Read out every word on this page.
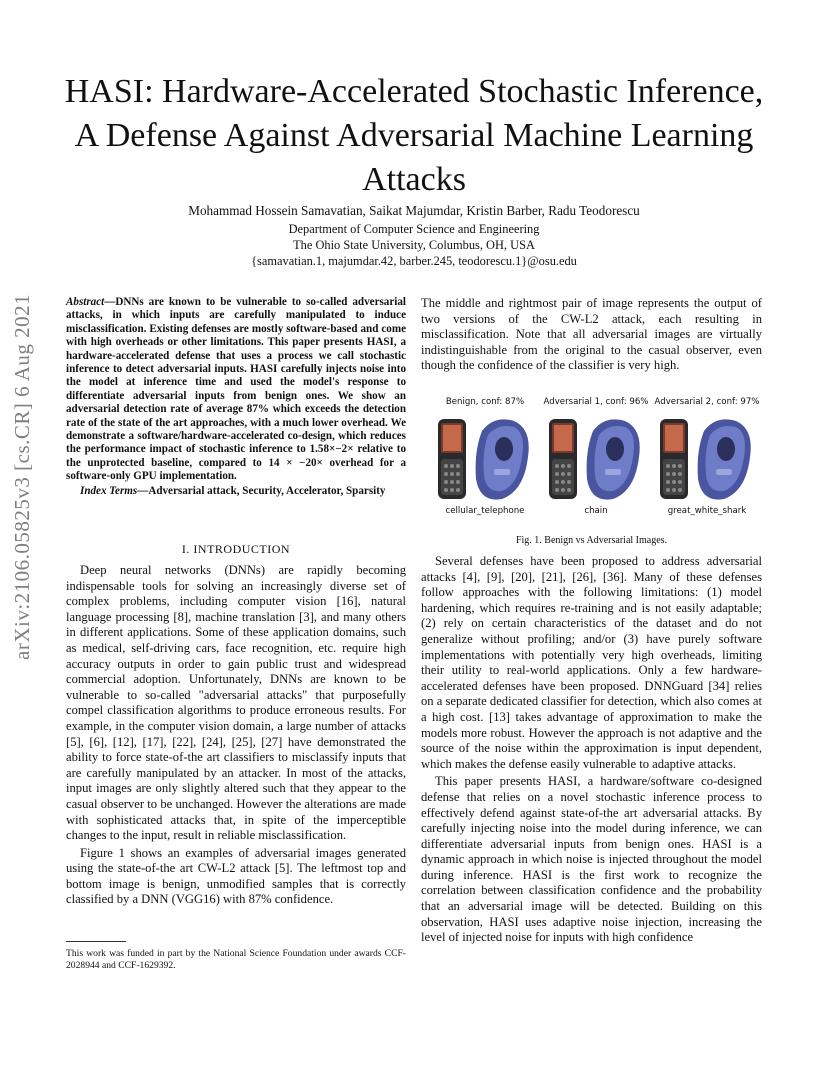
HASI: Hardware-Accelerated Stochastic Inference,
A Defense Against Adversarial Machine Learning
Attacks
Mohammad Hossein Samavatian, Saikat Majumdar, Kristin Barber, Radu Teodorescu
Department of Computer Science and Engineering
The Ohio State University, Columbus, OH, USA
{samavatian.1, majumdar.42, barber.245, teodorescu.1}@osu.edu
arXiv:2106.05825v3 [cs.CR] 6 Aug 2021	Abstract—DNNs are known to be vulnerable to so-called adversarial attacks, in which inputs are carefully manipulated to induce misclassification. Existing defenses are mostly software-based and come with high overheads or other limitations. This paper presents HASI, a hardware-accelerated defense that uses a process we call stochastic inference to detect adversarial inputs. HASI carefully injects noise into the model at inference time and used the model's response to differentiate adversarial inputs from benign ones. We show an adversarial detection rate of average 87% which exceeds the detection rate of the state of the art approaches, with a much lower overhead. We demonstrate a software/hardware-accelerated co-design, which reduces the performance impact of stochastic inference to 1.58×−2× relative to the unprotected baseline, compared to 14 × −20× overhead for a software-only GPU implementation.

Index Terms—Adversarial attack, Security, Accelerator, Sparsity

I. INTRODUCTION

Deep neural networks (DNNs) are rapidly becoming indispensable tools for solving an increasingly diverse set of complex problems, including computer vision [16], natural language processing [8], machine translation [3], and many others in different applications. Some of these application domains, such as medical, self-driving cars, face recognition, etc. require high accuracy outputs in order to gain public trust and widespread commercial adoption. Unfortunately, DNNs are known to be vulnerable to so-called "adversarial attacks" that purposefully compel classification algorithms to produce erroneous results. For example, in the computer vision domain, a large number of attacks [5], [6], [12], [17], [22], [24], [25], [27] have demonstrated the ability to force state-of-the art classifiers to misclassify inputs that are carefully manipulated by an attacker. In most of the attacks, input images are only slightly altered such that they appear to the casual observer to be unchanged. However the alterations are made with sophisticated attacks that, in spite of the imperceptible changes to the input, result in reliable misclassification.

Figure 1 shows an examples of adversarial images generated using the state-of-the art CW-L2 attack [5]. The leftmost top and bottom image is benign, unmodified samples that is correctly classified by a DNN (VGG16) with 87% confidence.

This work was funded in part by the National Science Foundation under awards CCF-2028944 and CCF-1629392.
The middle and rightmost pair of image represents the output of two versions of the CW-L2 attack, each resulting in misclassification. Note that all adversarial images are virtually indistinguishable from the original to the casual observer, even though the confidence of the classifier is very high.
Benign, conf: 87%
cellular_telephone
Adversarial 1, conf: 96%
chain
Adversarial 2, conf: 97%
great_white_shark
Fig. 1. Benign vs Adversarial Images.

Several defenses have been proposed to address adversarial attacks [4], [9], [20], [21], [26], [36]. Many of these defenses follow approaches with the following limitations: (1) model hardening, which requires re-training and is not easily adaptable; (2) rely on certain characteristics of the dataset and do not generalize without profiling; and/or (3) have purely software implementations with potentially very high overheads, limiting their utility to real-world applications. Only a few hardware-accelerated defenses have been proposed. DNNGuard [34] relies on a separate dedicated classifier for detection, which also comes at a high cost. [13] takes advantage of approximation to make the models more robust. However the approach is not adaptive and the source of the noise within the approximation is input dependent, which makes the defense easily vulnerable to adaptive attacks.

This paper presents HASI, a hardware/software co-designed defense that relies on a novel stochastic inference process to effectively defend against state-of-the art adversarial attacks. By carefully injecting noise into the model during inference, we can differentiate adversarial inputs from benign ones. HASI is a dynamic approach in which noise is injected throughout the model during inference. HASI is the first work to recognize the correlation between classification confidence and the probability that an adversarial image will be detected. Building on this observation, HASI uses adaptive noise injection, increasing the level of injected noise for inputs with high confidence
